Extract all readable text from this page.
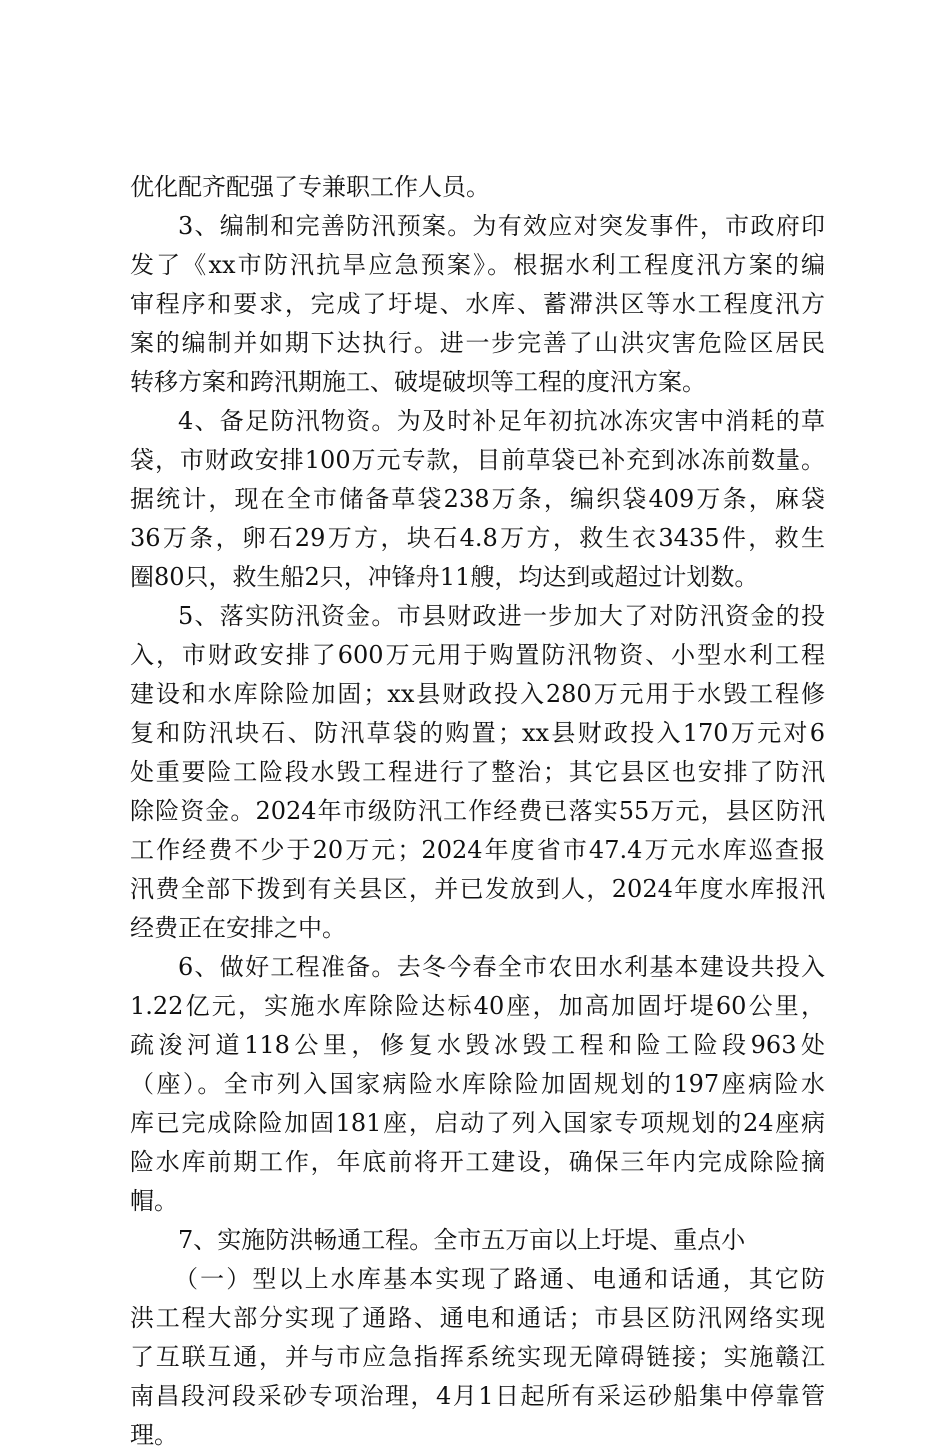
优化配齐配强了专兼职工作人员。
3、编制和完善防汛预案。为有效应对突发事件，市政府印
发了《xx市防汛抗旱应急预案》。根据水利工程度汛方案的编
审程序和要求，完成了圩堤、水库、蓄滞洪区等水工程度汛方
案的编制并如期下达执行。进一步完善了山洪灾害危险区居民
转移方案和跨汛期施工、破堤破坝等工程的度汛方案。
4、备足防汛物资。为及时补足年初抗冰冻灾害中消耗的草
袋，市财政安排100万元专款，目前草袋已补充到冰冻前数量。
据统计，现在全市储备草袋238万条，编织袋409万条，麻袋
36万条，卵石29万方，块石4.8万方，救生衣3435件，救生
圈80只，救生船2只，冲锋舟11艘，均达到或超过计划数。
5、落实防汛资金。市县财政进一步加大了对防汛资金的投
入，市财政安排了600万元用于购置防汛物资、小型水利工程
建设和水库除险加固；xx县财政投入280万元用于水毁工程修
复和防汛块石、防汛草袋的购置；xx县财政投入170万元对6
处重要险工险段水毁工程进行了整治；其它县区也安排了防汛
除险资金。2024年市级防汛工作经费已落实55万元，县区防汛
工作经费不少于20万元；2024年度省市47.4万元水库巡查报
汛费全部下拨到有关县区，并已发放到人，2024年度水库报汛
经费正在安排之中。
6、做好工程准备。去冬今春全市农田水利基本建设共投入
1.22亿元，实施水库除险达标40座，加高加固圩堤60公里，
疏浚河道118公里，修复水毁冰毁工程和险工险段963处
（座）。全市列入国家病险水库除险加固规划的197座病险水
库已完成除险加固181座，启动了列入国家专项规划的24座病
险水库前期工作，年底前将开工建设，确保三年内完成除险摘
帽。
7、实施防洪畅通工程。全市五万亩以上圩堤、重点小
（一）型以上水库基本实现了路通、电通和话通，其它防
洪工程大部分实现了通路、通电和通话；市县区防汛网络实现
了互联互通，并与市应急指挥系统实现无障碍链接；实施赣江
南昌段河段采砂专项治理，4月1日起所有采运砂船集中停靠管
理。
